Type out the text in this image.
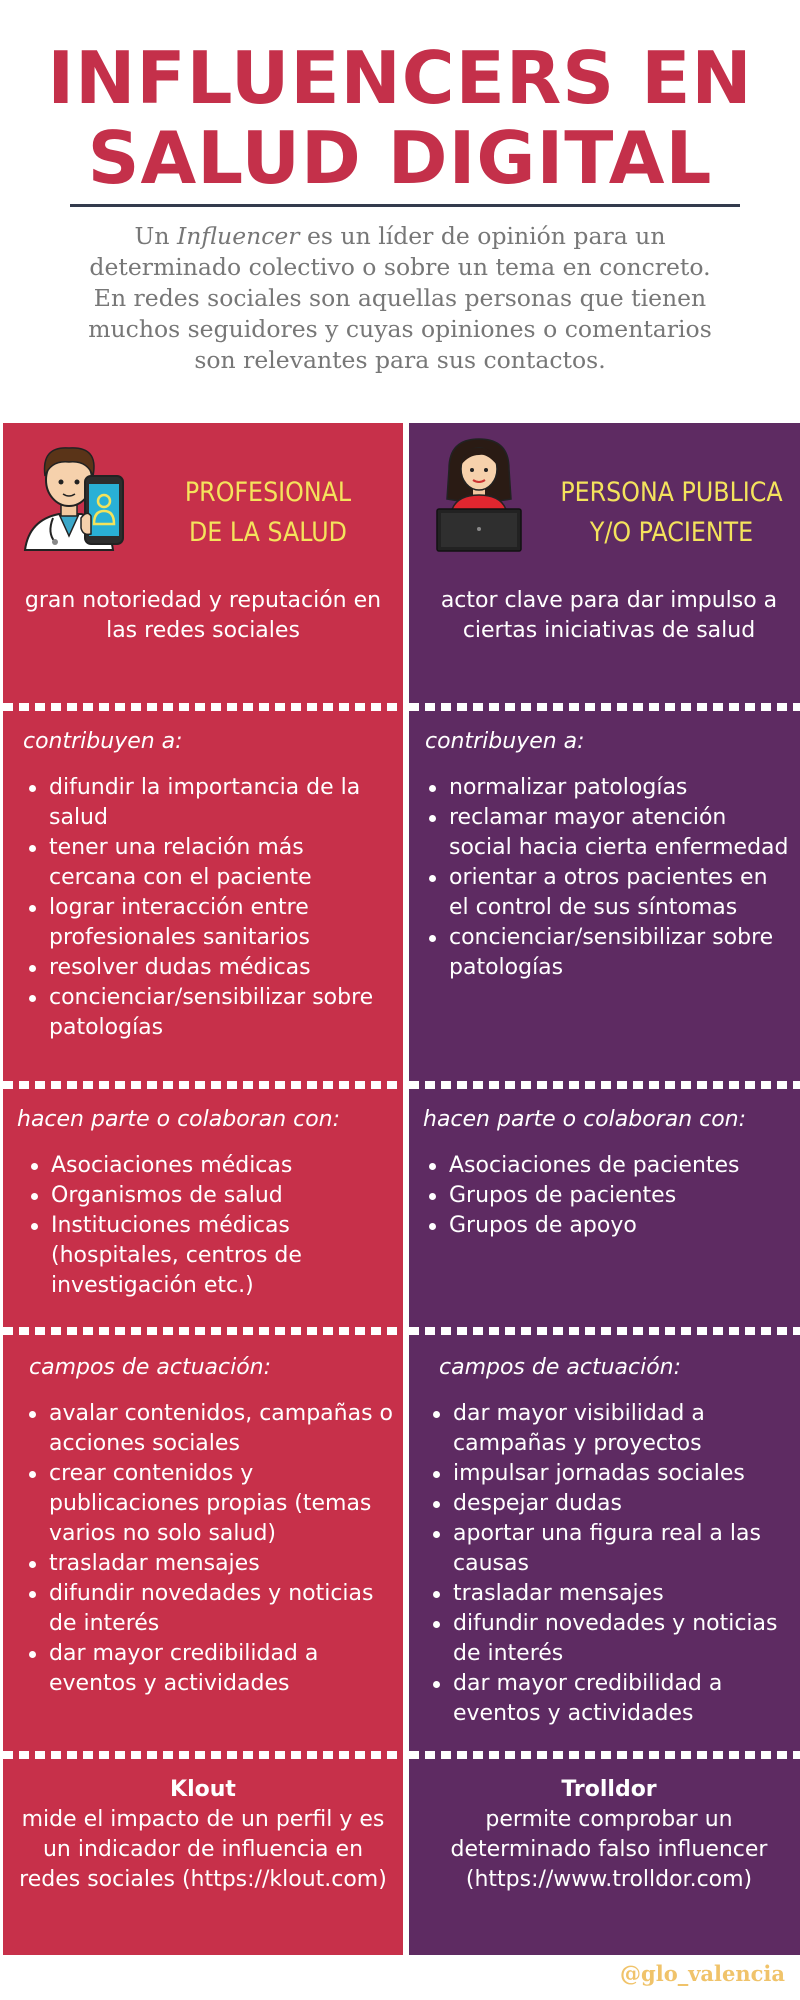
INFLUENCERS EN
SALUD DIGITAL
Un Influencer es un líder de opinión para un
determinado colectivo o sobre un tema en concreto.
En redes sociales son aquellas personas que tienen
muchos seguidores y cuyas opiniones o comentarios
son relevantes para sus contactos.
PROFESIONAL
DE LA SALUD
gran notoriedad y reputación en las redes sociales
contribuyen a:
difundir la importancia de la salud
tener una relación más cercana con el paciente
lograr interacción entre profesionales sanitarios
resolver dudas médicas
concienciar/sensibilizar sobre patologías
hacen parte o colaboran con:
Asociaciones médicas
Organismos de salud
Instituciones médicas (hospitales, centros de investigación etc.)
campos de actuación:
avalar contenidos, campañas o acciones sociales
crear contenidos y publicaciones propias (temas varios no solo salud)
trasladar mensajes
difundir novedades y noticias de interés
dar mayor credibilidad a eventos y actividades
Klout
mide el impacto de un perfil y es un indicador de influencia en redes sociales (https://klout.com)
PERSONA PUBLICA
Y/O PACIENTE
actor clave para dar impulso a ciertas iniciativas de salud
contribuyen a:
normalizar patologías
reclamar mayor atención social hacia cierta enfermedad
orientar a otros pacientes en el control de sus síntomas
concienciar/sensibilizar sobre patologías
hacen parte o colaboran con:
Asociaciones de pacientes
Grupos de pacientes
Grupos de apoyo
campos de actuación:
dar mayor visibilidad a campañas y proyectos
impulsar jornadas sociales
despejar dudas
aportar una figura real a las causas
trasladar mensajes
difundir novedades y noticias de interés
dar mayor credibilidad a eventos y actividades
Trolldor
permite comprobar un determinado falso influencer (https://www.trolldor.com)
@glo_valencia
